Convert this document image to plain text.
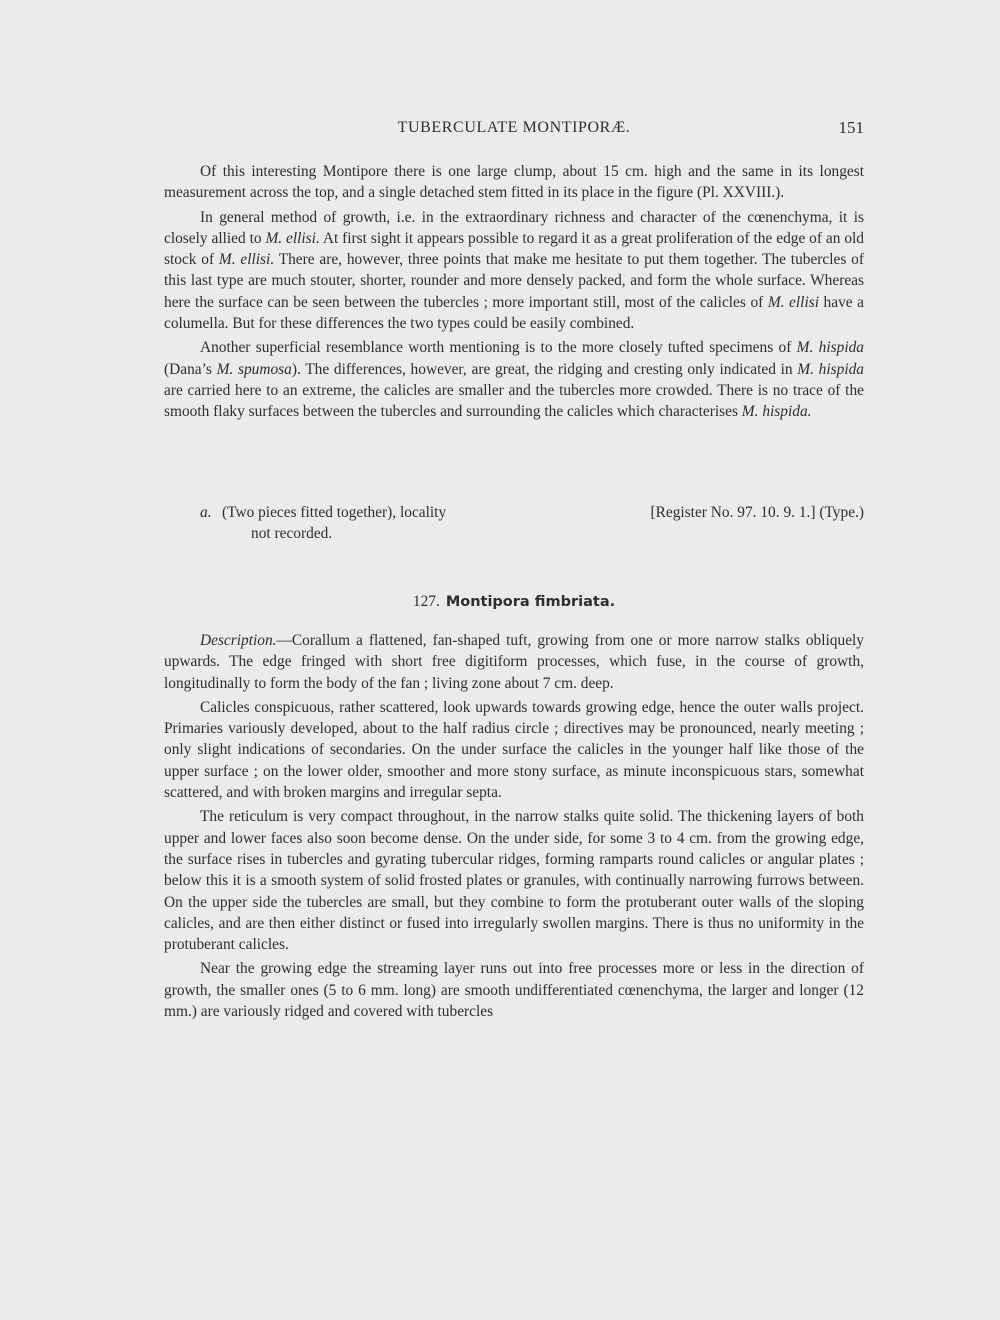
TUBERCULATE MONTIPORÆ.	151

Of this interesting Montipore there is one large clump, about 15 cm. high and the same in its longest measurement across the top, and a single detached stem fitted in its place in the figure (Pl. XXVIII.).

In general method of growth, i.e. in the extraordinary richness and character of the cœnenchyma, it is closely allied to M. ellisi. At first sight it appears possible to regard it as a great proliferation of the edge of an old stock of M. ellisi. There are, however, three points that make me hesitate to put them together. The tubercles of this last type are much stouter, shorter, rounder and more densely packed, and form the whole surface. Whereas here the surface can be seen between the tubercles ; more important still, most of the calicles of M. ellisi have a columella. But for these differences the two types could be easily combined.

Another superficial resemblance worth mentioning is to the more closely tufted specimens of M. hispida (Dana’s M. spumosa). The differences, however, are great, the ridging and cresting only indicated in M. hispida are carried here to an extreme, the calicles are smaller and the tubercles more crowded. There is no trace of the smooth flaky surfaces between the tubercles and surrounding the calicles which characterises M. hispida.

a. (Two pieces fitted together), locality
not recorded.
[Register No. 97. 10. 9. 1.] (Type.)
127. Montipora fimbriata.

Description.—Corallum a flattened, fan-shaped tuft, growing from one or more narrow stalks obliquely upwards. The edge fringed with short free digitiform processes, which fuse, in the course of growth, longitudinally to form the body of the fan ; living zone about 7 cm. deep.

Calicles conspicuous, rather scattered, look upwards towards growing edge, hence the outer walls project. Primaries variously developed, about to the half radius circle ; directives may be pronounced, nearly meeting ; only slight indications of secondaries. On the under surface the calicles in the younger half like those of the upper surface ; on the lower older, smoother and more stony surface, as minute inconspicuous stars, somewhat scattered, and with broken margins and irregular septa.

The reticulum is very compact throughout, in the narrow stalks quite solid. The thickening layers of both upper and lower faces also soon become dense. On the under side, for some 3 to 4 cm. from the growing edge, the surface rises in tubercles and gyrating tubercular ridges, forming ramparts round calicles or angular plates ; below this it is a smooth system of solid frosted plates or granules, with continually narrowing furrows between. On the upper side the tubercles are small, but they combine to form the protuberant outer walls of the sloping calicles, and are then either distinct or fused into irregularly swollen margins. There is thus no uniformity in the protuberant calicles.

Near the growing edge the streaming layer runs out into free processes more or less in the direction of growth, the smaller ones (5 to 6 mm. long) are smooth undifferentiated cœnenchyma, the larger and longer (12 mm.) are variously ridged and covered with tubercles
